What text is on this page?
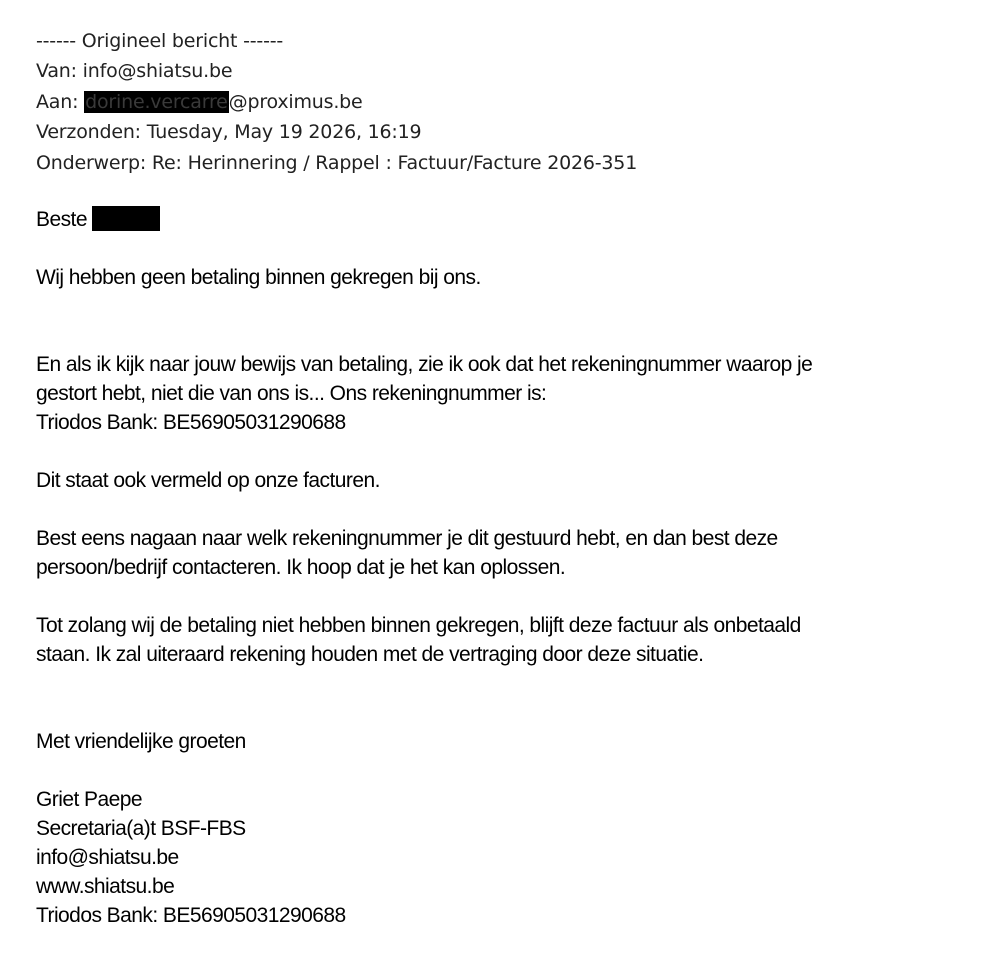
------ Origineel bericht ------
Van: info@shiatsu.be
Aan: dorine.vercarre@proximus.be
Verzonden: Tuesday, May 19 2026, 16:19
Onderwerp: Re: Herinnering / Rappel : Factuur/Facture 2026-351

Beste

Wij hebben geen betaling binnen gekregen bij ons.

En als ik kijk naar jouw bewijs van betaling, zie ik ook dat het rekeningnummer waarop je
gestort hebt, niet die van ons is... Ons rekeningnummer is:
Triodos Bank: BE56905031290688

Dit staat ook vermeld op onze facturen.

Best eens nagaan naar welk rekeningnummer je dit gestuurd hebt, en dan best deze
persoon/bedrijf contacteren. Ik hoop dat je het kan oplossen.

Tot zolang wij de betaling niet hebben binnen gekregen, blijft deze factuur als onbetaald
staan. Ik zal uiteraard rekening houden met de vertraging door deze situatie.

Met vriendelijke groeten

Griet Paepe
Secretaria(a)t BSF-FBS
info@shiatsu.be
www.shiatsu.be
Triodos Bank: BE56905031290688
